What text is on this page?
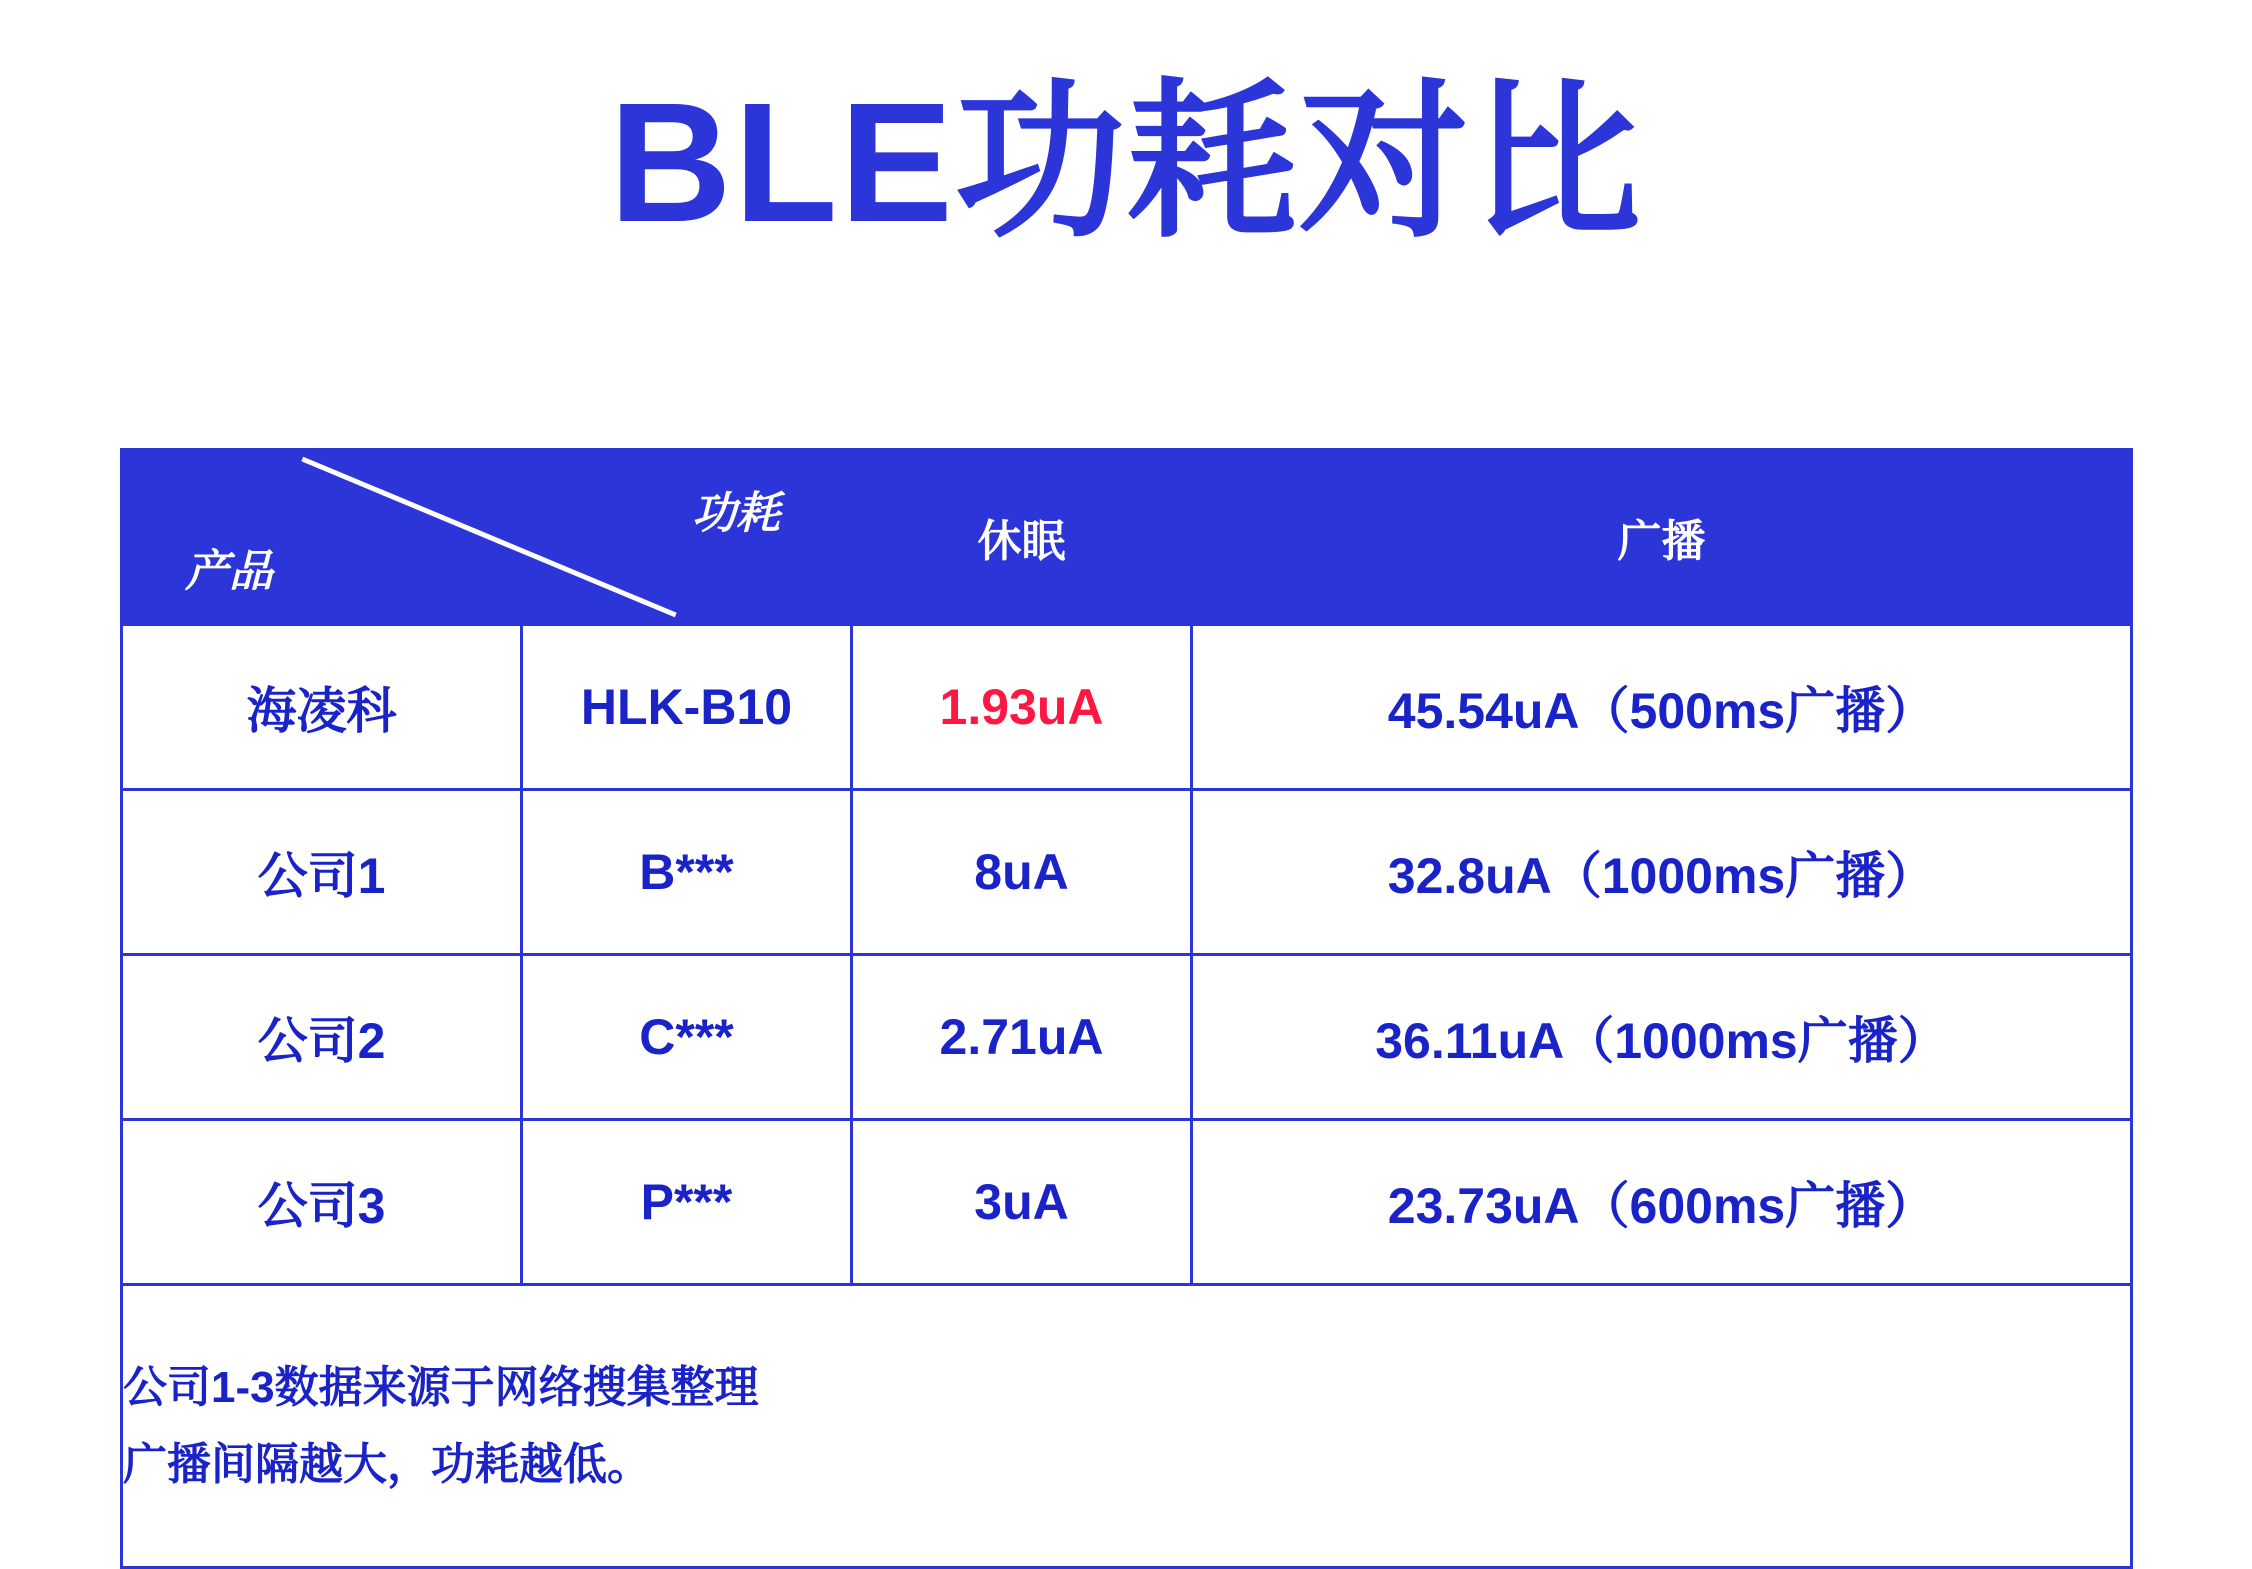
BLE功耗对比
功耗
产品		休眠	广播
海凌科	HLK-B10	1.93uA	45.54uA（500ms广播）
公司1	B***	8uA	32.8uA（1000ms广播）
公司2	C***	2.71uA	36.11uA（1000ms广播）
公司3	P***	3uA	23.73uA（600ms广播）

公司1-3数据来源于网络搜集整理
广播间隔越大，功耗越低。			
